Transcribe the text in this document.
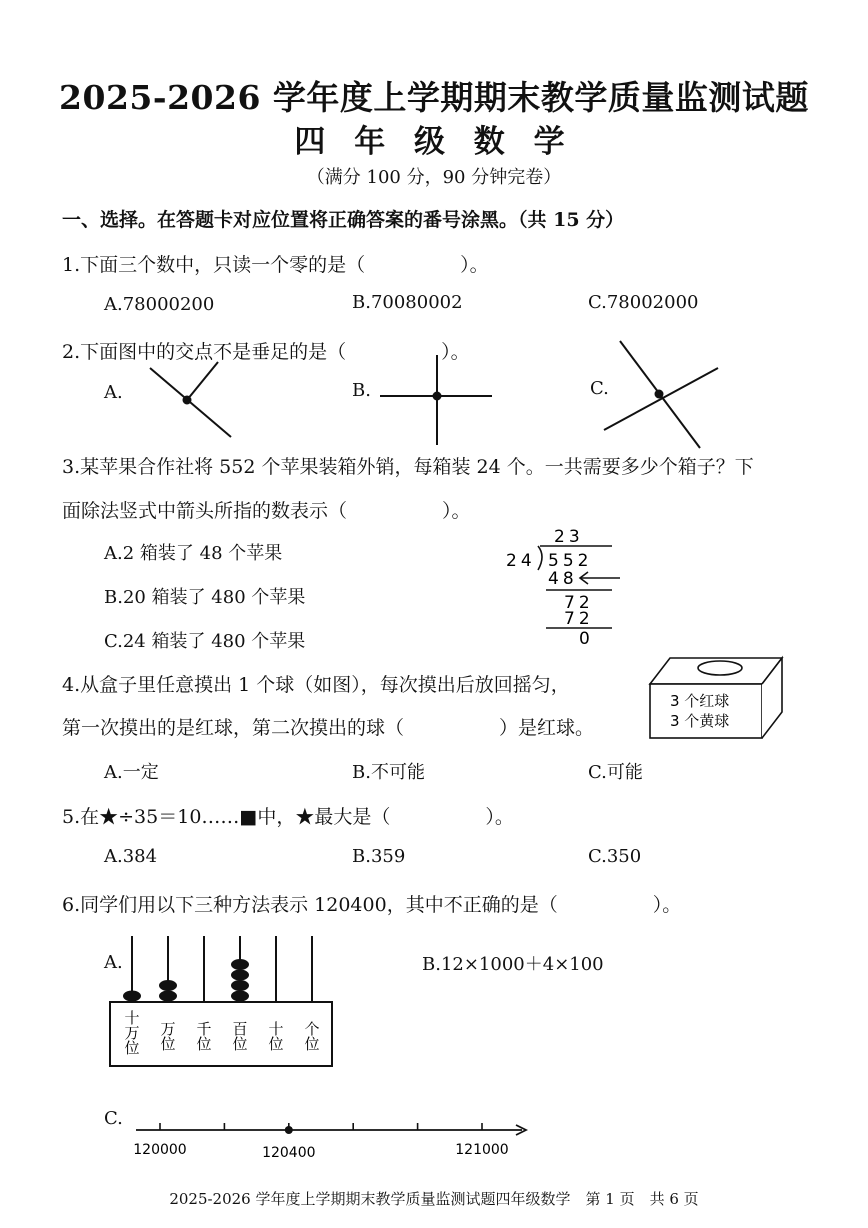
2025-2026 学年度上学期期末教学质量监测试题
四 年 级 数 学
（满分 100 分，90 分钟完卷）
一、选择。在答题卡对应位置将正确答案的番号涂黑。（共 15 分）
1.下面三个数中，只读一个零的是（　　　　　）。
A.78000200	B.70080002	C.78002000
2.下面图中的交点不是垂足的是（　　　　　）。
A.	B.	C.
3.某苹果合作社将 552 个苹果装箱外销，每箱装 24 个。一共需要多少个箱子？下
面除法竖式中箭头所指的数表示（　　　　　）。
A.2 箱装了 48 个苹果
B.20 箱装了 480 个苹果
C.24 箱装了 480 个苹果
23
24 552
48
72
72
0
4.从盒子里任意摸出 1 个球（如图），每次摸出后放回摇匀，
第一次摸出的是红球，第二次摸出的球（　　　　　）是红球。
A.一定	B.不可能	C.可能
3 个红球
3 个黄球
5.在★÷35＝10……■中，★最大是（　　　　　）。
A.384	B.359	C.350
6.同学们用以下三种方法表示 120400，其中不正确的是（　　　　　）。
A.	B.12×1000＋4×100
C.
十
万
位
万
位
千
位
百
位
十
位
个
位
120000	120400	121000
2025-2026 学年度上学期期末教学质量监测试题四年级数学　第 1 页　共 6 页
